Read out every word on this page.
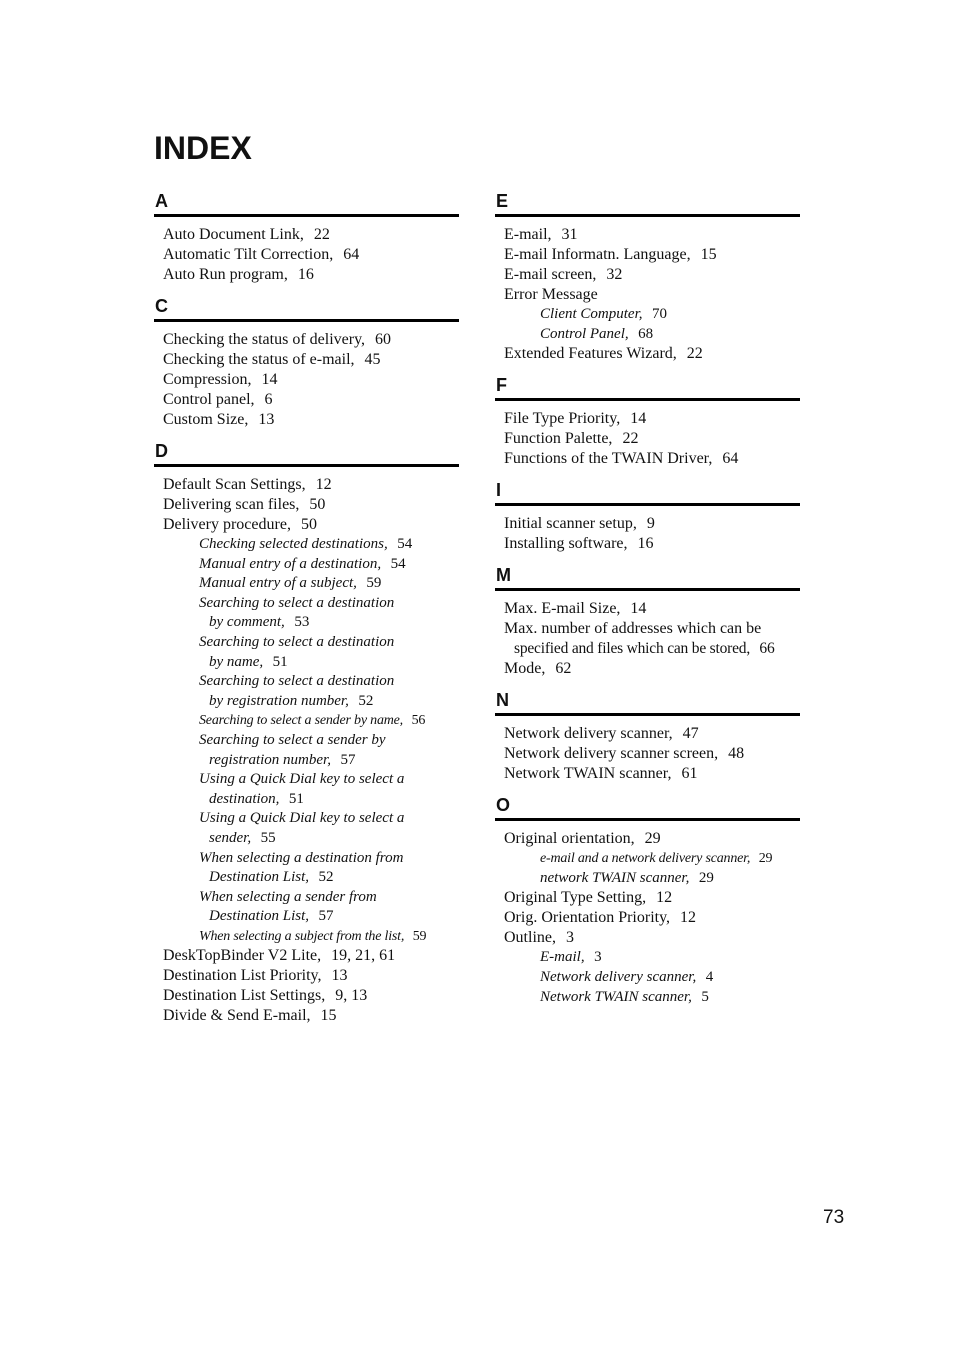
INDEX
A
Auto Document Link, 22
Automatic Tilt Correction, 64
Auto Run program, 16
C
Checking the status of delivery, 60
Checking the status of e-mail, 45
Compression, 14
Control panel, 6
Custom Size, 13
D
Default Scan Settings, 12
Delivering scan files, 50
Delivery procedure, 50
Checking selected destinations, 54
Manual entry of a destination, 54
Manual entry of a subject, 59
Searching to select a destination
by comment, 53
Searching to select a destination
by name, 51
Searching to select a destination
by registration number, 52
Searching to select a sender by name, 56
Searching to select a sender by
registration number, 57
Using a Quick Dial key to select a
destination, 51
Using a Quick Dial key to select a
sender, 55
When selecting a destination from
Destination List, 52
When selecting a sender from
Destination List, 57
When selecting a subject from the list, 59
DeskTopBinder V2 Lite, 19, 21, 61
Destination List Priority, 13
Destination List Settings, 9, 13
Divide & Send E-mail, 15
E
E-mail, 31
E-mail Informatn. Language, 15
E-mail screen, 32
Error Message
Client Computer, 70
Control Panel, 68
Extended Features Wizard, 22
F
File Type Priority, 14
Function Palette, 22
Functions of the TWAIN Driver, 64
I
Initial scanner setup, 9
Installing software, 16
M
Max. E-mail Size, 14
Max. number of addresses which can be
specified and files which can be stored, 66
Mode, 62
N
Network delivery scanner, 47
Network delivery scanner screen, 48
Network TWAIN scanner, 61
O
Original orientation, 29
e-mail and a network delivery scanner, 29
network TWAIN scanner, 29
Original Type Setting, 12
Orig. Orientation Priority, 12
Outline, 3
E-mail, 3
Network delivery scanner, 4
Network TWAIN scanner, 5
73
